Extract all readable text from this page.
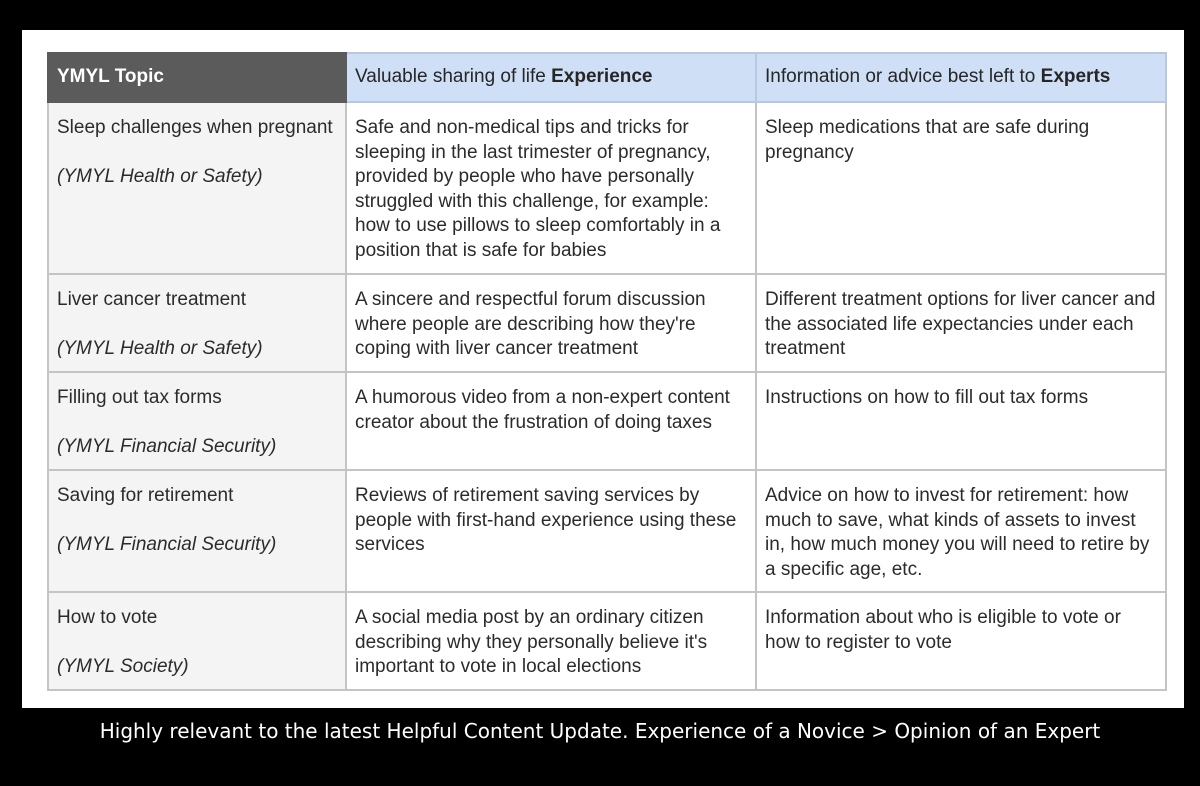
YMYL Topic	Valuable sharing of life Experience	Information or advice best left to Experts

Sleep challenges when pregnant
(YMYL Health or Safety)	Safe and non-medical tips and tricks for sleeping in the last trimester of pregnancy, provided by people who have personally struggled with this challenge, for example: how to use pillows to sleep comfortably in a position that is safe for babies	Sleep medications that are safe during pregnancy

Liver cancer treatment
(YMYL Health or Safety)	A sincere and respectful forum discussion where people are describing how they're coping with liver cancer treatment	Different treatment options for liver cancer and the associated life expectancies under each treatment

Filling out tax forms
(YMYL Financial Security)	A humorous video from a non-expert content creator about the frustration of doing taxes	Instructions on how to fill out tax forms

Saving for retirement
(YMYL Financial Security)	Reviews of retirement saving services by people with first-hand experience using these services	Advice on how to invest for retirement: how much to save, what kinds of assets to invest in, how much money you will need to retire by a specific age, etc.

How to vote
(YMYL Society)	A social media post by an ordinary citizen describing why they personally believe it's important to vote in local elections	Information about who is eligible to vote or how to register to vote
Highly relevant to the latest Helpful Content Update. Experience of a Novice > Opinion of an Expert
